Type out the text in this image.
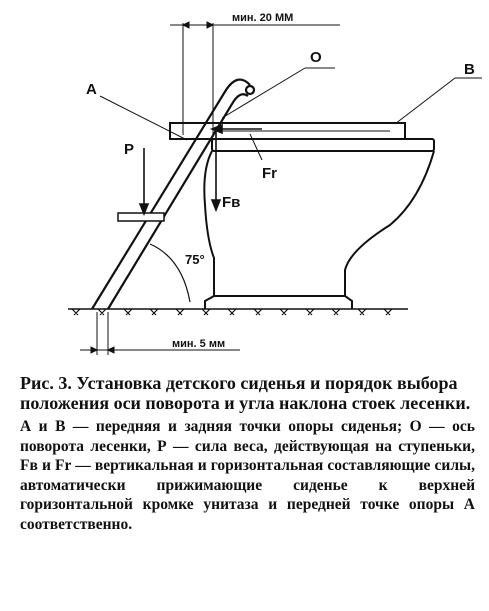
мин. 20 ММ
мин. 5 мм
А
О
В
Р
Fr
Fв
75°

Рис. 3. Установка детского сиденья и порядок выбора положения оси поворота и угла наклона стоек лесенки.

А и В — передняя и задняя точки опоры сиденья; О — ось поворота лесенки, Р — сила веса, действующая на ступеньки, Fв и Fr — вертикальная и горизонтальная составляющие силы, автоматически прижимающие сиденье к верхней горизонтальной кромке унитаза и передней точке опоры А соответственно.
